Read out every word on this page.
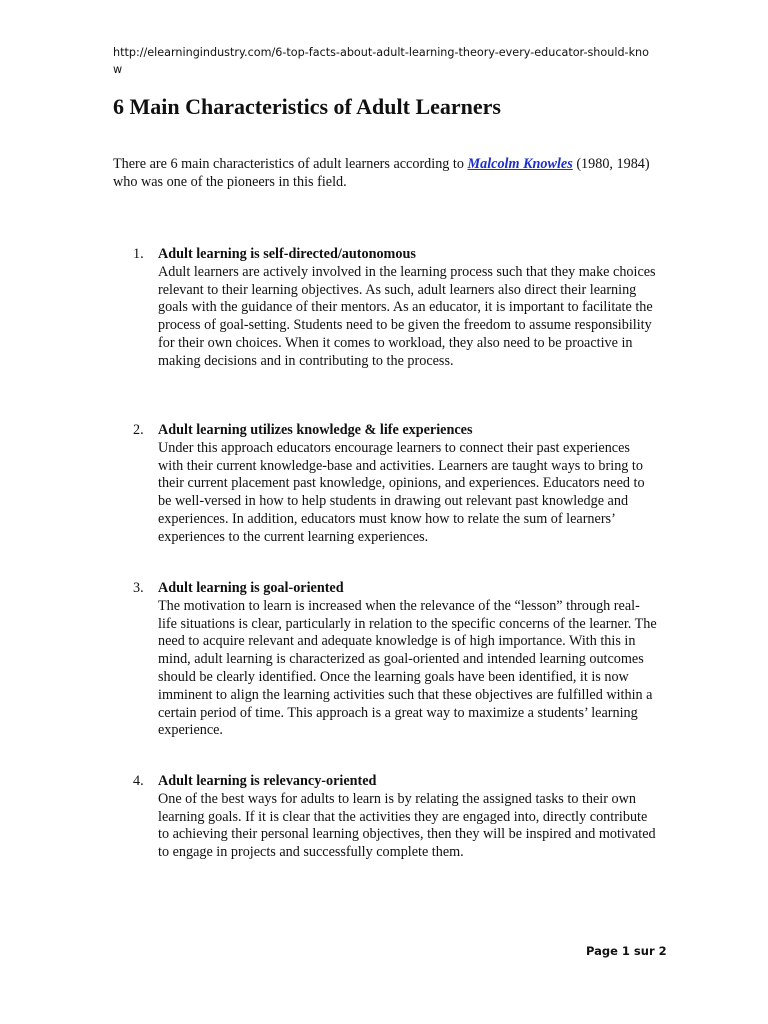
http://elearningindustry.com/6-top-facts-about-adult-learning-theory-every-educator-should-know
6 Main Characteristics of Adult Learners

There are 6 main characteristics of adult learners according to Malcolm Knowles (1980, 1984) who was one of the pioneers in this field.

1. Adult learning is self-directed/autonomous
Adult learners are actively involved in the learning process such that they make choices relevant to their learning objectives. As such, adult learners also direct their learning goals with the guidance of their mentors. As an educator, it is important to facilitate the process of goal-setting. Students need to be given the freedom to assume responsibility for their own choices. When it comes to workload, they also need to be proactive in making decisions and in contributing to the process.
2. Adult learning utilizes knowledge & life experiences
Under this approach educators encourage learners to connect their past experiences with their current knowledge-base and activities. Learners are taught ways to bring to their current placement past knowledge, opinions, and experiences. Educators need to be well-versed in how to help students in drawing out relevant past knowledge and experiences. In addition, educators must know how to relate the sum of learners’ experiences to the current learning experiences.
3. Adult learning is goal-oriented
The motivation to learn is increased when the relevance of the “lesson” through real-life situations is clear, particularly in relation to the specific concerns of the learner. The need to acquire relevant and adequate knowledge is of high importance. With this in mind, adult learning is characterized as goal-oriented and intended learning outcomes should be clearly identified. Once the learning goals have been identified, it is now imminent to align the learning activities such that these objectives are fulfilled within a certain period of time. This approach is a great way to maximize a students’ learning experience.
4. Adult learning is relevancy-oriented
One of the best ways for adults to learn is by relating the assigned tasks to their own learning goals. If it is clear that the activities they are engaged into, directly contribute to achieving their personal learning objectives, then they will be inspired and motivated to engage in projects and successfully complete them.
Page 1 sur 2
